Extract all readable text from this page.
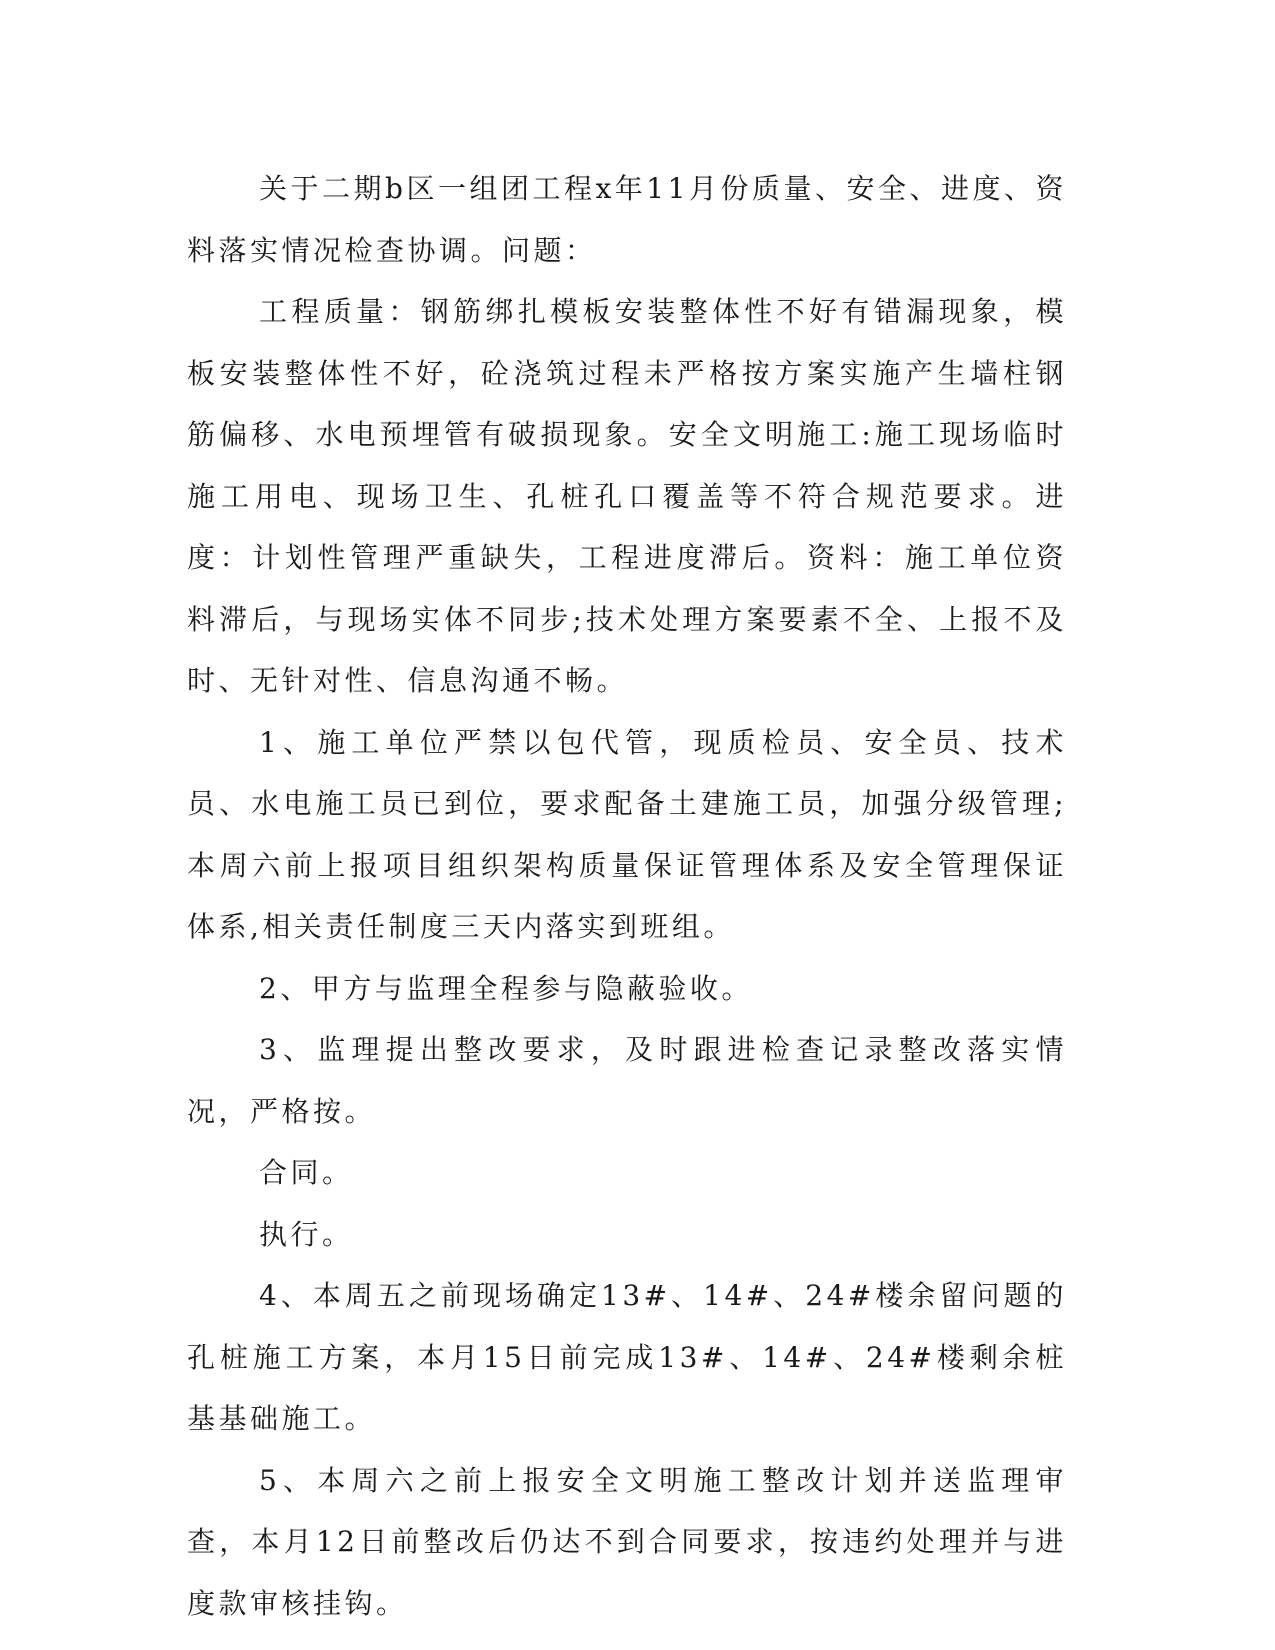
关于二期b区一组团工程x年11月份质量、安全、进度、资料落实情况检查协调。问题：

工程质量：钢筋绑扎模板安装整体性不好有错漏现象，模板安装整体性不好，砼浇筑过程未严格按方案实施产生墙柱钢筋偏移、水电预埋管有破损现象。安全文明施工:施工现场临时施工用电、现场卫生、孔桩孔口覆盖等不符合规范要求。进度：计划性管理严重缺失，工程进度滞后。资料：施工单位资料滞后，与现场实体不同步;技术处理方案要素不全、上报不及时、无针对性、信息沟通不畅。

1、施工单位严禁以包代管，现质检员、安全员、技术员、水电施工员已到位，要求配备土建施工员，加强分级管理;本周六前上报项目组织架构质量保证管理体系及安全管理保证体系,相关责任制度三天内落实到班组。

2、甲方与监理全程参与隐蔽验收。

3、监理提出整改要求，及时跟进检查记录整改落实情况，严格按。

合同。

执行。

4、本周五之前现场确定13#、14#、24#楼余留问题的孔桩施工方案，本月15日前完成13#、14#、24#楼剩余桩基基础施工。

5、本周六之前上报安全文明施工整改计划并送监理审查，本月12日前整改后仍达不到合同要求，按违约处理并与进度款审核挂钩。
